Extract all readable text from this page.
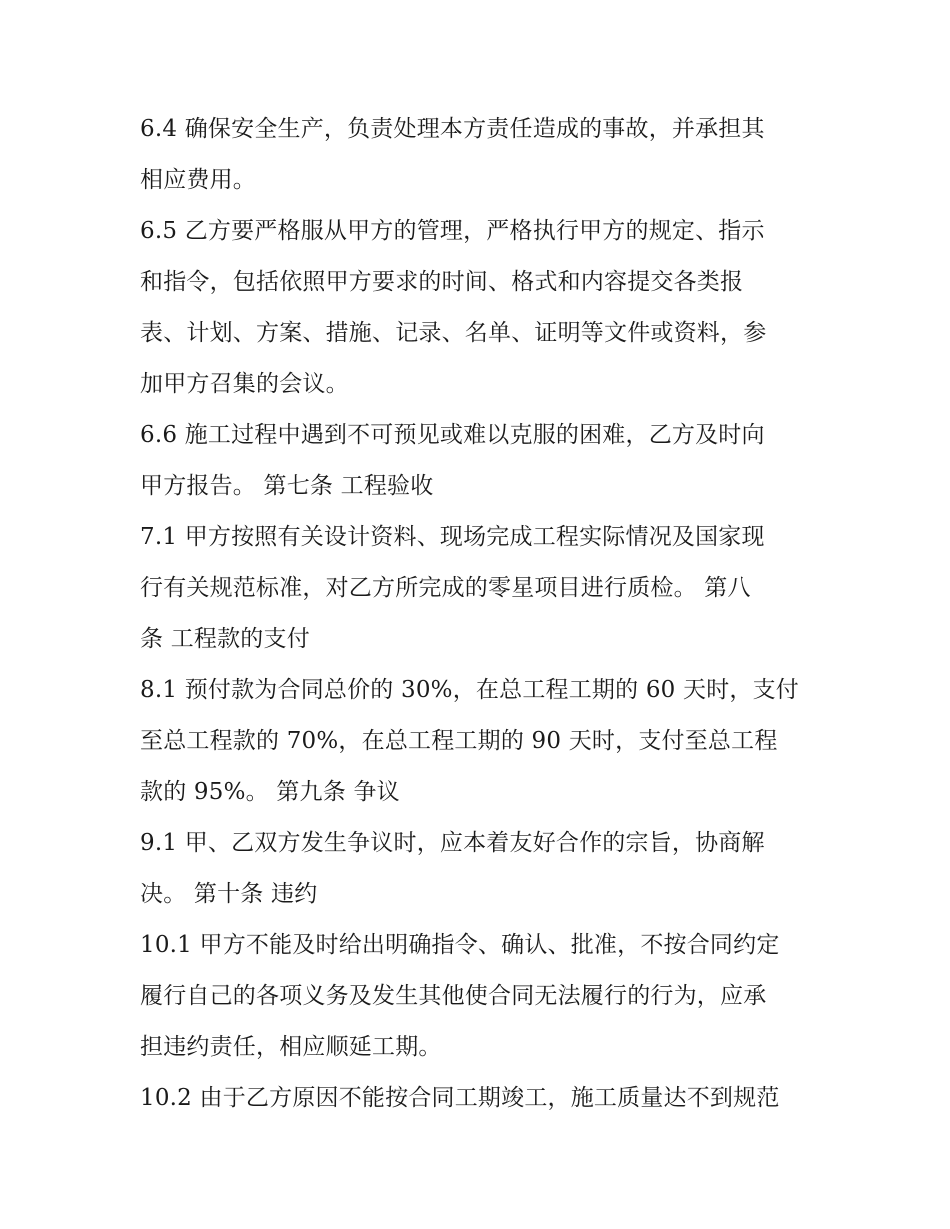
6.4 确保安全生产，负责处理本方责任造成的事故，并承担其
相应费用。

6.5 乙方要严格服从甲方的管理，严格执行甲方的规定、指示
和指令，包括依照甲方要求的时间、格式和内容提交各类报
表、计划、方案、措施、记录、名单、证明等文件或资料，参
加甲方召集的会议。

6.6 施工过程中遇到不可预见或难以克服的困难，乙方及时向
甲方报告。 第七条 工程验收

7.1 甲方按照有关设计资料、现场完成工程实际情况及国家现
行有关规范标准，对乙方所完成的零星项目进行质检。 第八
条 工程款的支付

8.1 预付款为合同总价的 30%，在总工程工期的 60 天时，支付
至总工程款的 70%，在总工程工期的 90 天时，支付至总工程
款的 95%。 第九条 争议

9.1 甲、乙双方发生争议时，应本着友好合作的宗旨，协商解
决。 第十条 违约

10.1 甲方不能及时给出明确指令、确认、批准，不按合同约定
履行自己的各项义务及发生其他使合同无法履行的行为，应承
担违约责任，相应顺延工期。

10.2 由于乙方原因不能按合同工期竣工，施工质量达不到规范
